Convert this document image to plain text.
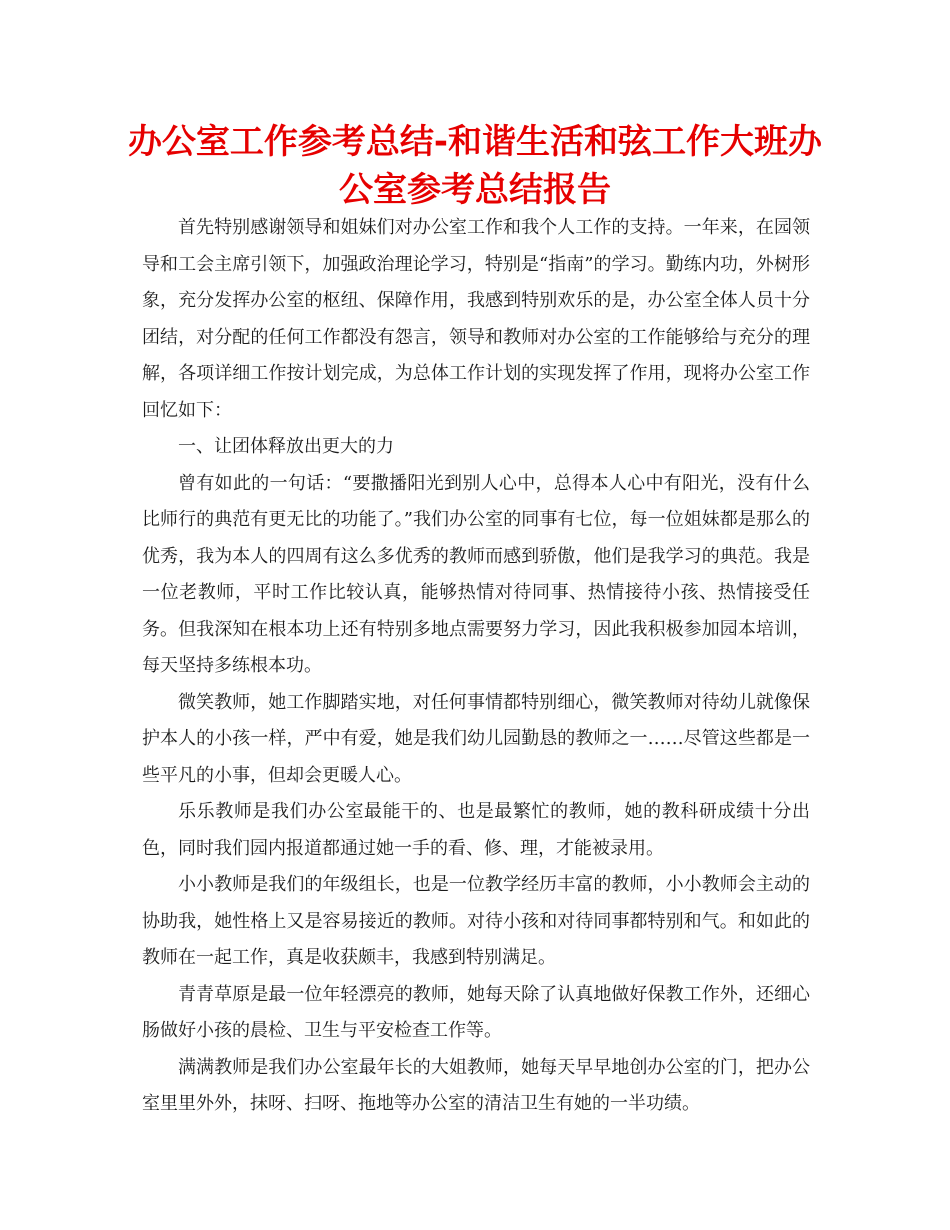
办公室工作参考总结-和谐生活和弦工作大班办公室参考总结报告

首先特别感谢领导和姐妹们对办公室工作和我个人工作的支持。一年来，在园领导和工会主席引领下，加强政治理论学习，特别是“指南”的学习。勤练内功，外树形象，充分发挥办公室的枢纽、保障作用，我感到特别欢乐的是，办公室全体人员十分团结，对分配的任何工作都没有怨言，领导和教师对办公室的工作能够给与充分的理解，各项详细工作按计划完成，为总体工作计划的实现发挥了作用，现将办公室工作回忆如下：

一、让团体释放出更大的力

曾有如此的一句话：“要撒播阳光到别人心中，总得本人心中有阳光，没有什么比师行的典范有更无比的功能了。”我们办公室的同事有七位，每一位姐妹都是那么的优秀，我为本人的四周有这么多优秀的教师而感到骄傲，他们是我学习的典范。我是一位老教师，平时工作比较认真，能够热情对待同事、热情接待小孩、热情接受任务。但我深知在根本功上还有特别多地点需要努力学习，因此我积极参加园本培训，每天坚持多练根本功。

微笑教师，她工作脚踏实地，对任何事情都特别细心，微笑教师对待幼儿就像保护本人的小孩一样，严中有爱，她是我们幼儿园勤恳的教师之一……尽管这些都是一些平凡的小事，但却会更暖人心。

乐乐教师是我们办公室最能干的、也是最繁忙的教师，她的教科研成绩十分出色，同时我们园内报道都通过她一手的看、修、理，才能被录用。

小小教师是我们的年级组长，也是一位教学经历丰富的教师，小小教师会主动的协助我，她性格上又是容易接近的教师。对待小孩和对待同事都特别和气。和如此的教师在一起工作，真是收获颇丰，我感到特别满足。

青青草原是最一位年轻漂亮的教师，她每天除了认真地做好保教工作外，还细心肠做好小孩的晨检、卫生与平安检查工作等。

满满教师是我们办公室最年长的大姐教师，她每天早早地创办公室的门，把办公室里里外外，抹呀、扫呀、拖地等办公室的清洁卫生有她的一半功绩。
